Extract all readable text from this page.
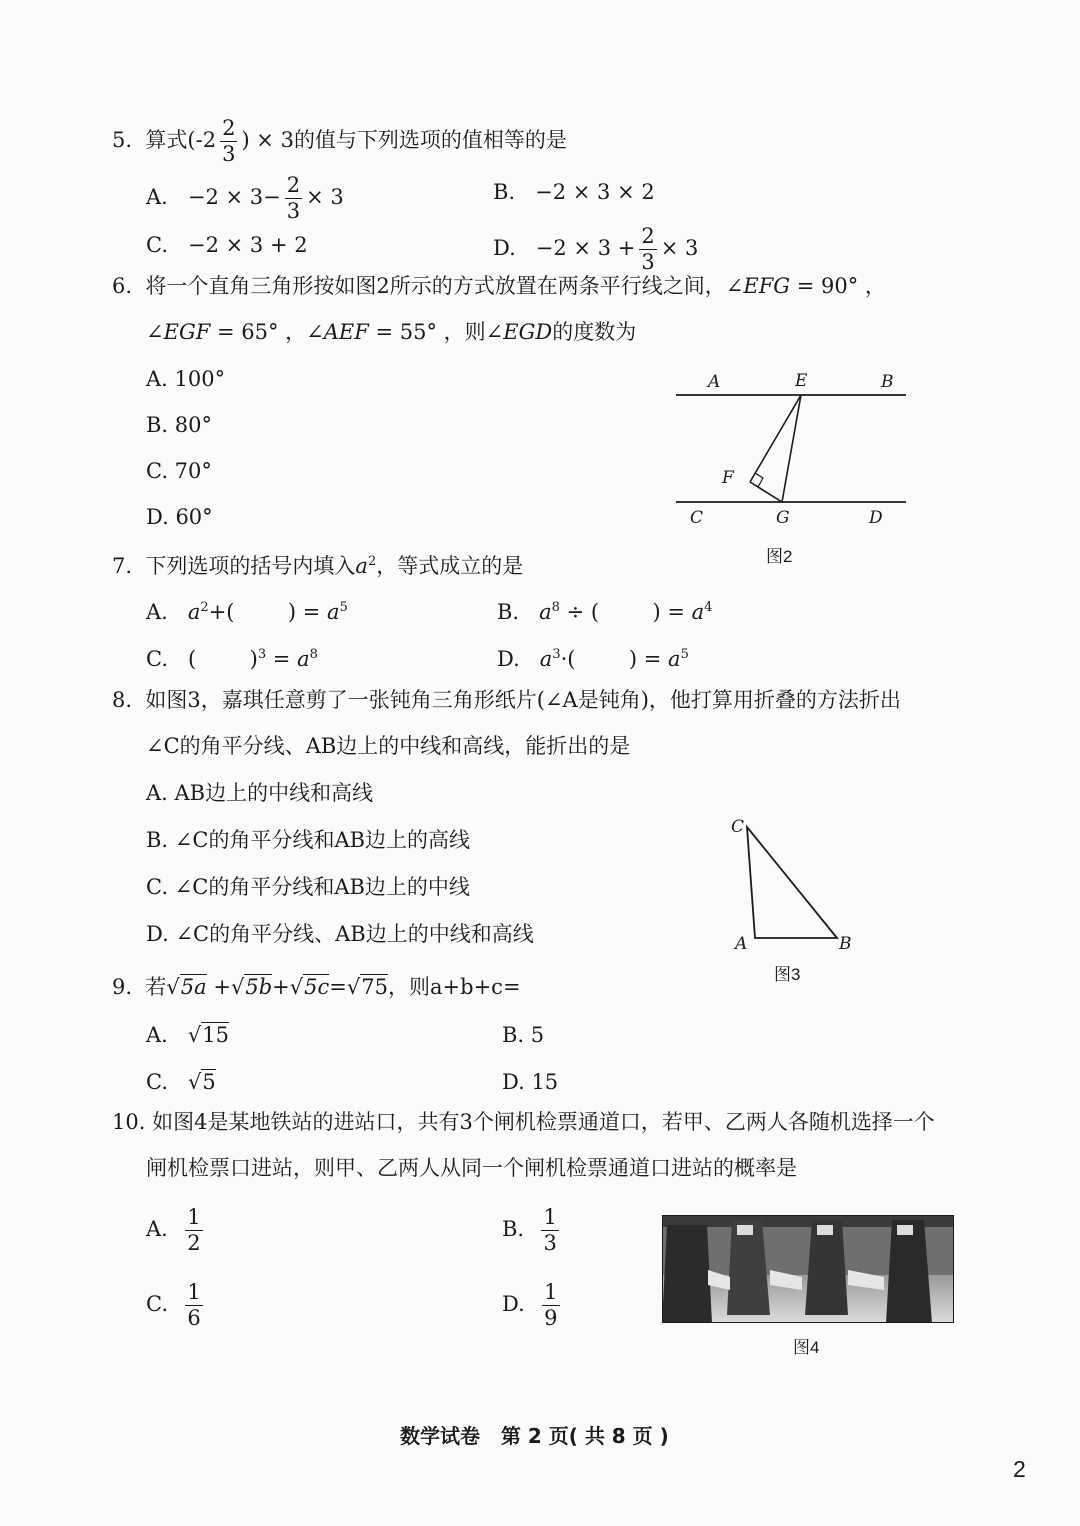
5. 算式($-2 \frac{2}{3}$ ) × 3的值与下列选项的值相等的是
A. $-2 \times 3- \frac{2}{3} \times 3$	B. −2 × 3 × 2
C. −2 × 3 + 2	D. $-2 \times 3 + \frac{2}{3} \times 3$
6. 将一个直角三角形按如图2所示的方式放置在两条平行线之间，∠EFG = 90° ，
∠EGF = 65° ，∠AEF = 55° ，则∠EGD的度数为
A. 100°
B. 80°
C. 70°
D. 60°
A	E	B
F
C	G	D
图2
7. 下列选项的括号内填入$a^2$，等式成立的是
A. $a^2+$(        ) = $a^5$	B. $a^8$ ÷ (        ) = $a^4$
C. (        )$^3 = a^8$	D. $a^3\cdot$(        ) = $a^5$
8. 如图3，嘉琪任意剪了一张钝角三角形纸片(∠A是钝角)，他打算用折叠的方法折出
∠C的角平分线、AB边上的中线和高线，能折出的是
A. AB边上的中线和高线
B. ∠C的角平分线和AB边上的高线
C. ∠C的角平分线和AB边上的中线
D. ∠C的角平分线、AB边上的中线和高线
C
A	B
图3
9. 若√5a +√5b+√5c=√75，则a+b+c=
A. √15	B. 5
C. √5	D. 15
10. 如图4是某地铁站的进站口，共有3个闸机检票通道口，若甲、乙两人各随机选择一个
闸机检票口进站，则甲、乙两人从同一个闸机检票通道口进站的概率是
A. $\frac{1}{2}$	B. $\frac{1}{3}$
C. $\frac{1}{6}$	D. $\frac{1}{9}$
图4
数学试卷   第 2 页( 共 8 页 )
2
